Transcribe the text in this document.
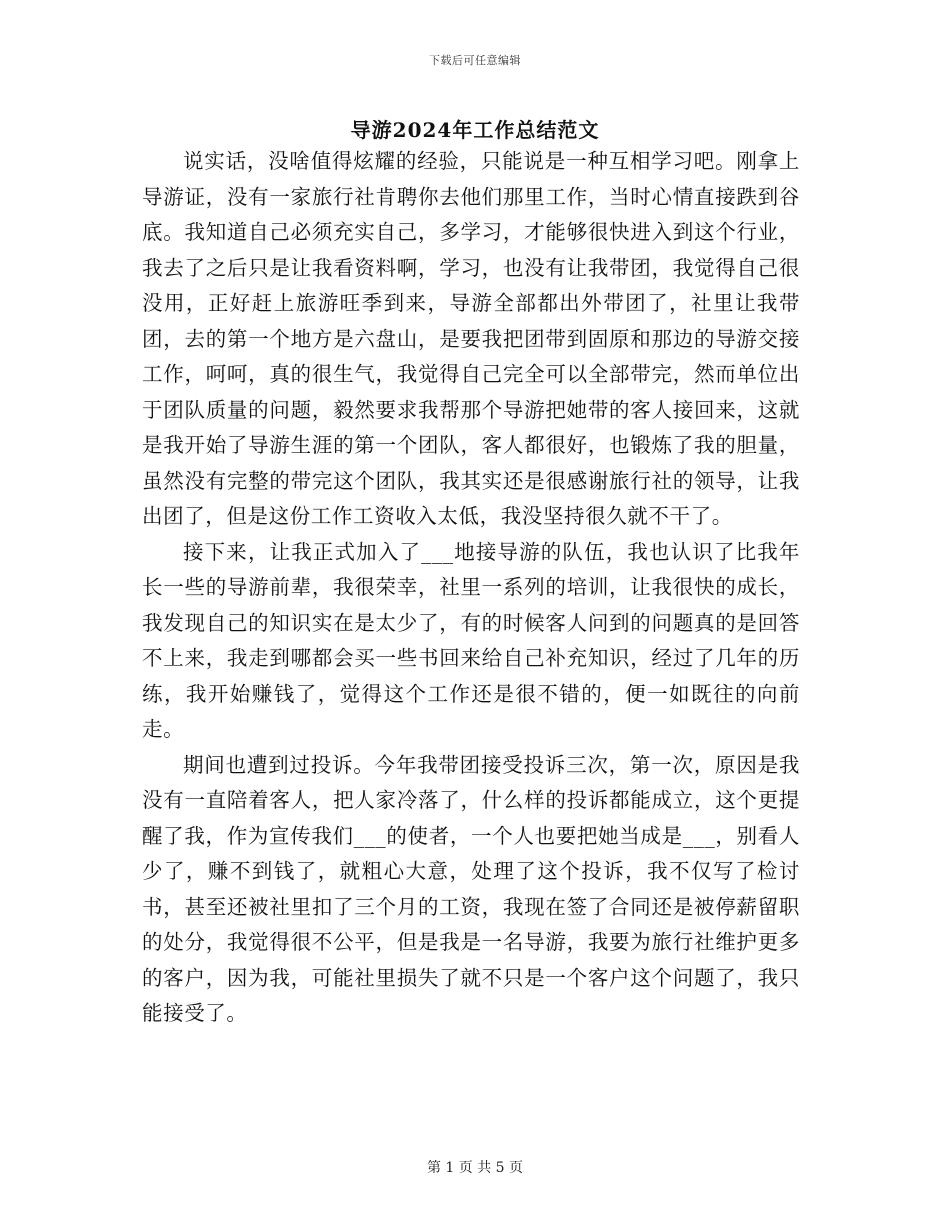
下载后可任意编辑
导游2024年工作总结范文

说实话，没啥值得炫耀的经验，只能说是一种互相学习吧。刚拿上导游证，没有一家旅行社肯聘你去他们那里工作，当时心情直接跌到谷底。我知道自己必须充实自己，多学习，才能够很快进入到这个行业，我去了之后只是让我看资料啊，学习，也没有让我带团，我觉得自己很没用，正好赶上旅游旺季到来，导游全部都出外带团了，社里让我带团，去的第一个地方是六盘山，是要我把团带到固原和那边的导游交接工作，呵呵，真的很生气，我觉得自己完全可以全部带完，然而单位出于团队质量的问题，毅然要求我帮那个导游把她带的客人接回来，这就是我开始了导游生涯的第一个团队，客人都很好，也锻炼了我的胆量，虽然没有完整的带完这个团队，我其实还是很感谢旅行社的领导，让我出团了，但是这份工作工资收入太低，我没坚持很久就不干了。

接下来，让我正式加入了___地接导游的队伍，我也认识了比我年长一些的导游前辈，我很荣幸，社里一系列的培训，让我很快的成长，我发现自己的知识实在是太少了，有的时候客人问到的问题真的是回答不上来，我走到哪都会买一些书回来给自己补充知识，经过了几年的历练，我开始赚钱了，觉得这个工作还是很不错的，便一如既往的向前走。

期间也遭到过投诉。今年我带团接受投诉三次，第一次，原因是我没有一直陪着客人，把人家冷落了，什么样的投诉都能成立，这个更提醒了我，作为宣传我们___的使者，一个人也要把她当成是___，别看人少了，赚不到钱了，就粗心大意，处理了这个投诉，我不仅写了检讨书，甚至还被社里扣了三个月的工资，我现在签了合同还是被停薪留职的处分，我觉得很不公平，但是我是一名导游，我要为旅行社维护更多的客户，因为我，可能社里损失了就不只是一个客户这个问题了，我只能接受了。

第 1 页 共 5 页
